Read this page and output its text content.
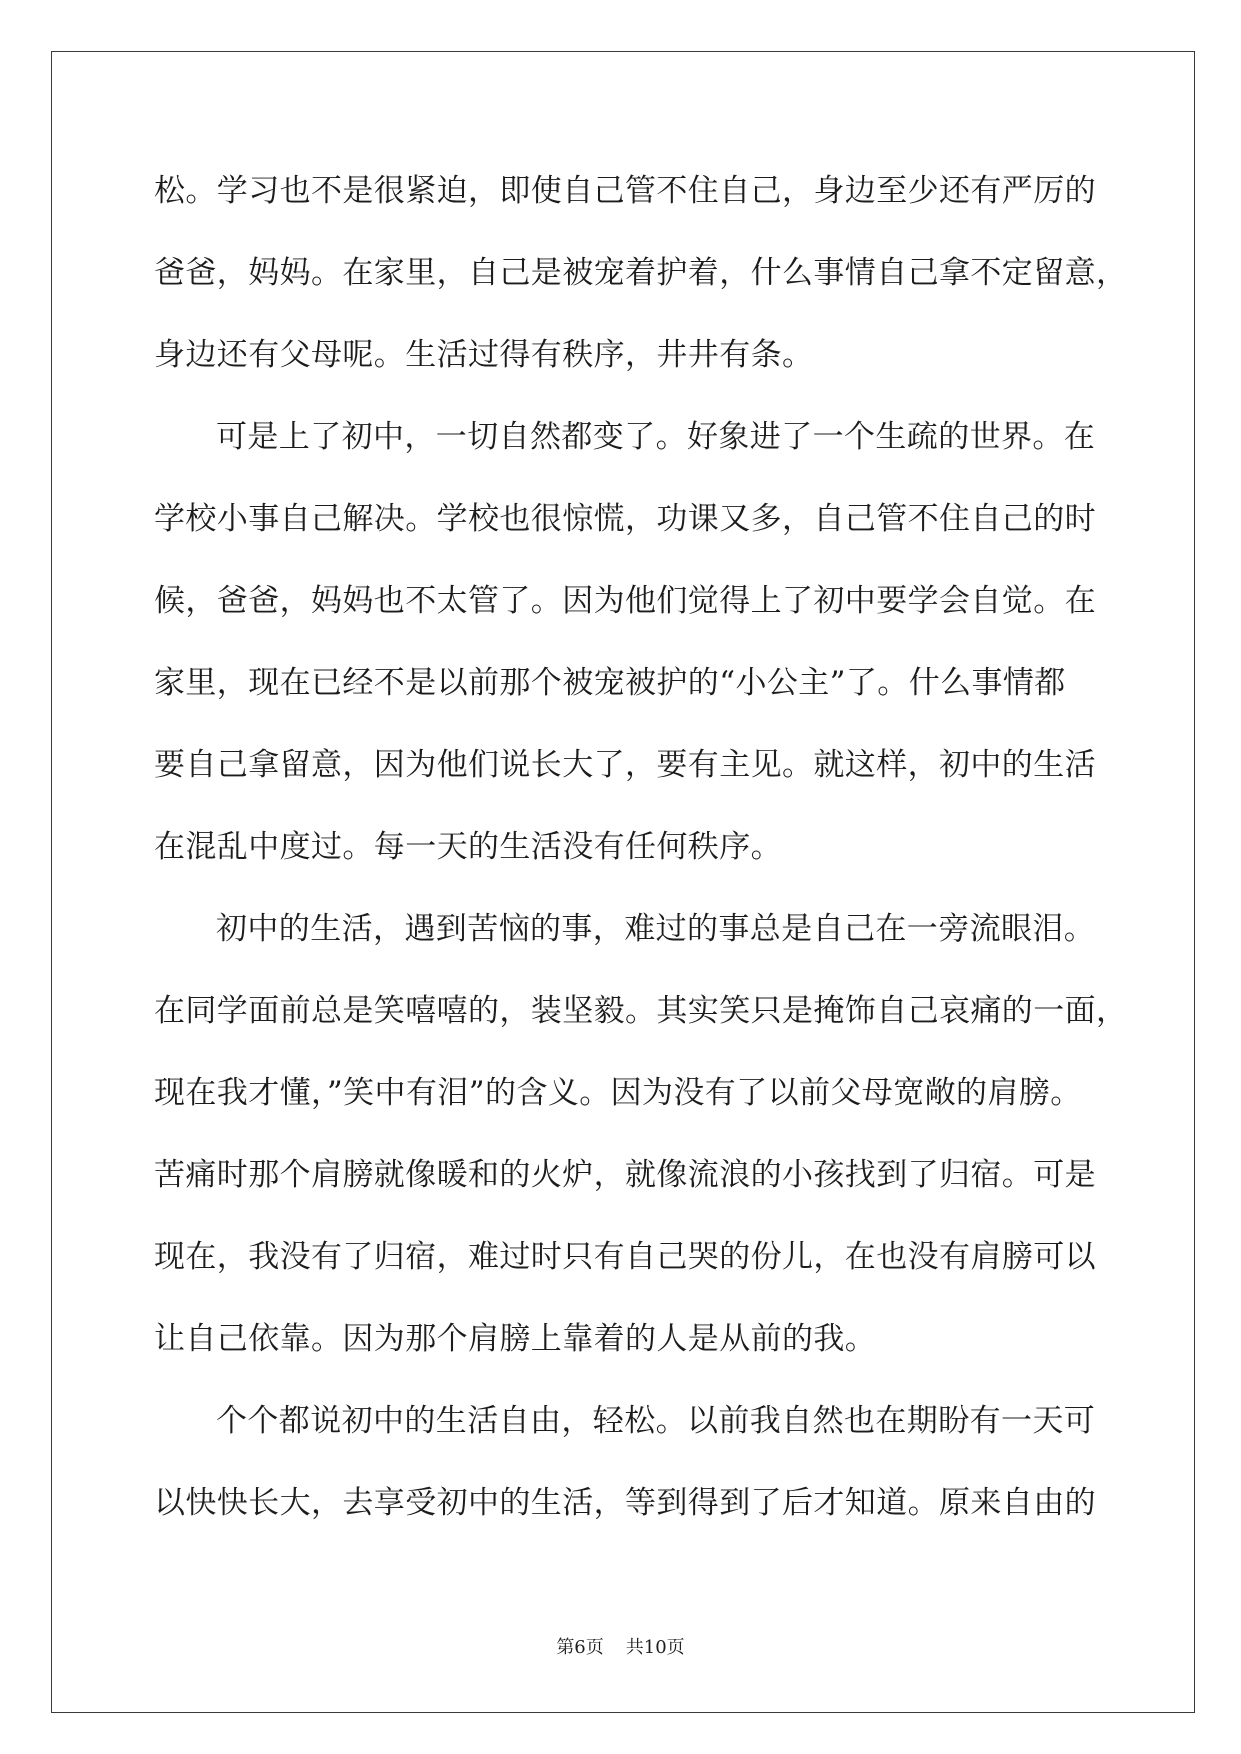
松。学习也不是很紧迫，即使自己管不住自己，身边至少还有严厉的
爸爸，妈妈。在家里，自己是被宠着护着，什么事情自己拿不定留意，
身边还有父母呢。生活过得有秩序，井井有条。
可是上了初中，一切自然都变了。好象进了一个生疏的世界。在
学校小事自己解决。学校也很惊慌，功课又多，自己管不住自己的时
候，爸爸，妈妈也不太管了。因为他们觉得上了初中要学会自觉。在
家里，现在已经不是以前那个被宠被护的“小公主”了。什么事情都
要自己拿留意，因为他们说长大了，要有主见。就这样，初中的生活
在混乱中度过。每一天的生活没有任何秩序。
初中的生活，遇到苦恼的事，难过的事总是自己在一旁流眼泪。
在同学面前总是笑嘻嘻的，装坚毅。其实笑只是掩饰自己哀痛的一面，
现在我才懂，”笑中有泪”的含义。因为没有了以前父母宽敞的肩膀。
苦痛时那个肩膀就像暖和的火炉，就像流浪的小孩找到了归宿。可是
现在，我没有了归宿，难过时只有自己哭的份儿，在也没有肩膀可以
让自己依靠。因为那个肩膀上靠着的人是从前的我。
个个都说初中的生活自由，轻松。以前我自然也在期盼有一天可
以快快长大，去享受初中的生活，等到得到了后才知道。原来自由的
第6页 共10页
